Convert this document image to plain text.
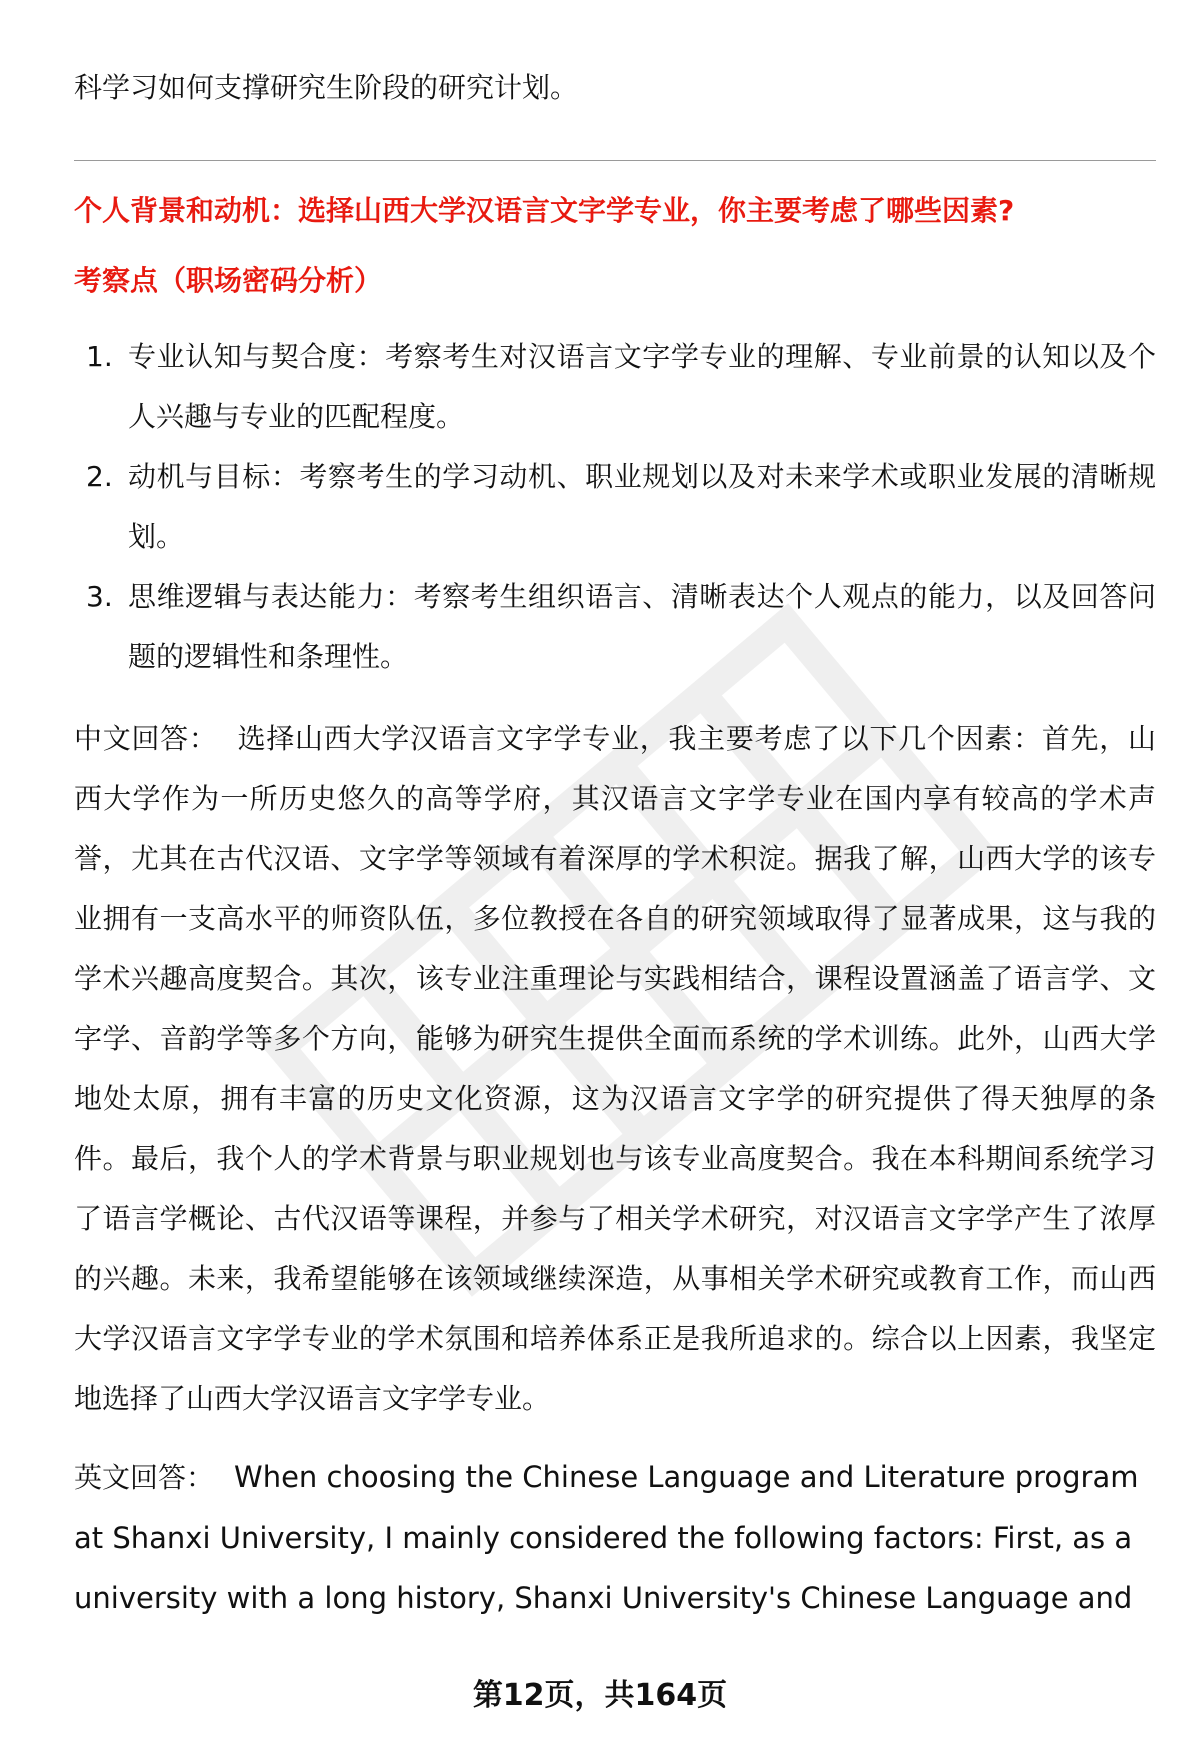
科学习如何支撑研究生阶段的研究计划。

个人背景和动机：选择山西大学汉语言文字学专业，你主要考虑了哪些因素?

考察点（职场密码分析）

1. 专业认知与契合度：考察考生对汉语言文字学专业的理解、专业前景的认知以及个人兴趣与专业的匹配程度。
2. 动机与目标：考察考生的学习动机、职业规划以及对未来学术或职业发展的清晰规划。
3. 思维逻辑与表达能力：考察考生组织语言、清晰表达个人观点的能力，以及回答问题的逻辑性和条理性。

中文回答： 选择山西大学汉语言文字学专业，我主要考虑了以下几个因素：首先，山西大学作为一所历史悠久的高等学府，其汉语言文字学专业在国内享有较高的学术声誉，尤其在古代汉语、文字学等领域有着深厚的学术积淀。据我了解，山西大学的该专业拥有一支高水平的师资队伍，多位教授在各自的研究领域取得了显著成果，这与我的学术兴趣高度契合。其次，该专业注重理论与实践相结合，课程设置涵盖了语言学、文字学、音韵学等多个方向，能够为研究生提供全面而系统的学术训练。此外，山西大学地处太原，拥有丰富的历史文化资源，这为汉语言文字学的研究提供了得天独厚的条件。最后，我个人的学术背景与职业规划也与该专业高度契合。我在本科期间系统学习了语言学概论、古代汉语等课程，并参与了相关学术研究，对汉语言文字学产生了浓厚的兴趣。未来，我希望能够在该领域继续深造，从事相关学术研究或教育工作，而山西大学汉语言文字学专业的学术氛围和培养体系正是我所追求的。综合以上因素，我坚定地选择了山西大学汉语言文字学专业。

英文回答： When choosing the Chinese Language and Literature program at Shanxi University, I mainly considered the following factors: First, as a university with a long history, Shanxi University's Chinese Language and

第12页，共164页
